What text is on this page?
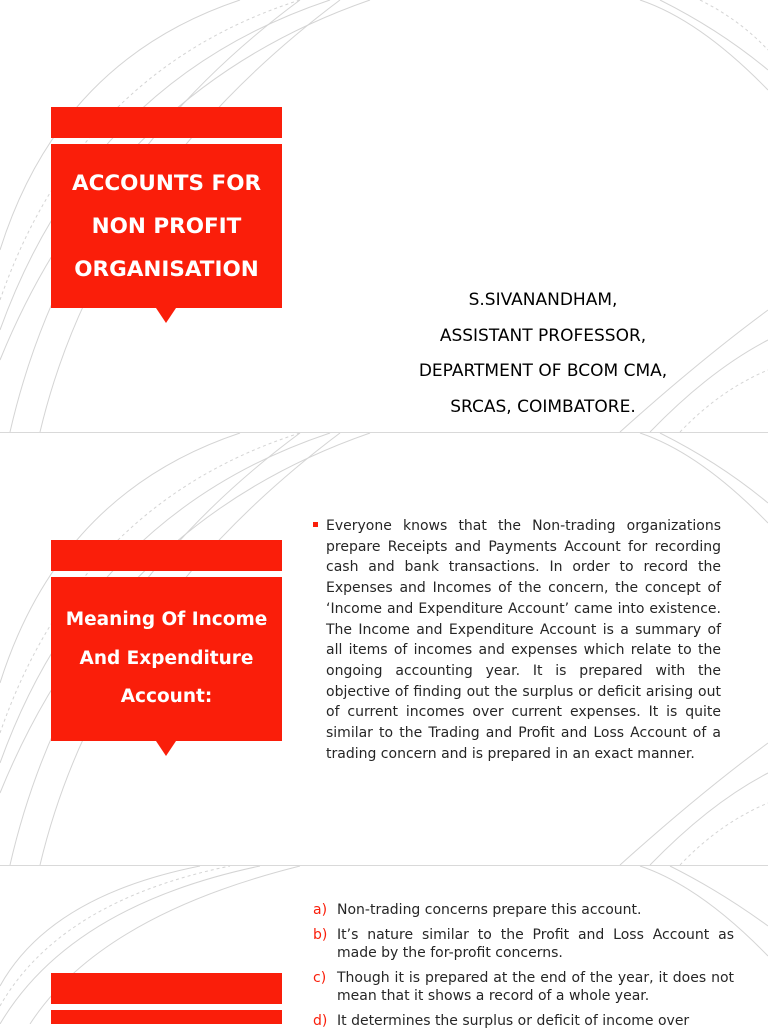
ACCOUNTS FOR
NON PROFIT
ORGANISATION
S.SIVANANDHAM,
ASSISTANT PROFESSOR,
DEPARTMENT OF BCOM CMA,
SRCAS, COIMBATORE.
Meaning Of Income
And Expenditure
Account:
Everyone knows that the Non-trading organizations prepare Receipts and Payments Account for recording cash and bank transactions. In order to record the Expenses and Incomes of the concern, the concept of ‘Income and Expenditure Account’ came into existence. The Income and Expenditure Account is a summary of all items of incomes and expenses which relate to the ongoing accounting year. It is prepared with the objective of finding out the surplus or deficit arising out of current incomes over current expenses. It is quite similar to the Trading and Profit and Loss Account of a trading concern and is prepared in an exact manner.
a) Non-trading concerns prepare this account.
b) It’s nature similar to the Profit and Loss Account as made by the for-profit concerns.
c) Though it is prepared at the end of the year, it does not mean that it shows a record of a whole year.
d) It determines the surplus or deficit of income over
